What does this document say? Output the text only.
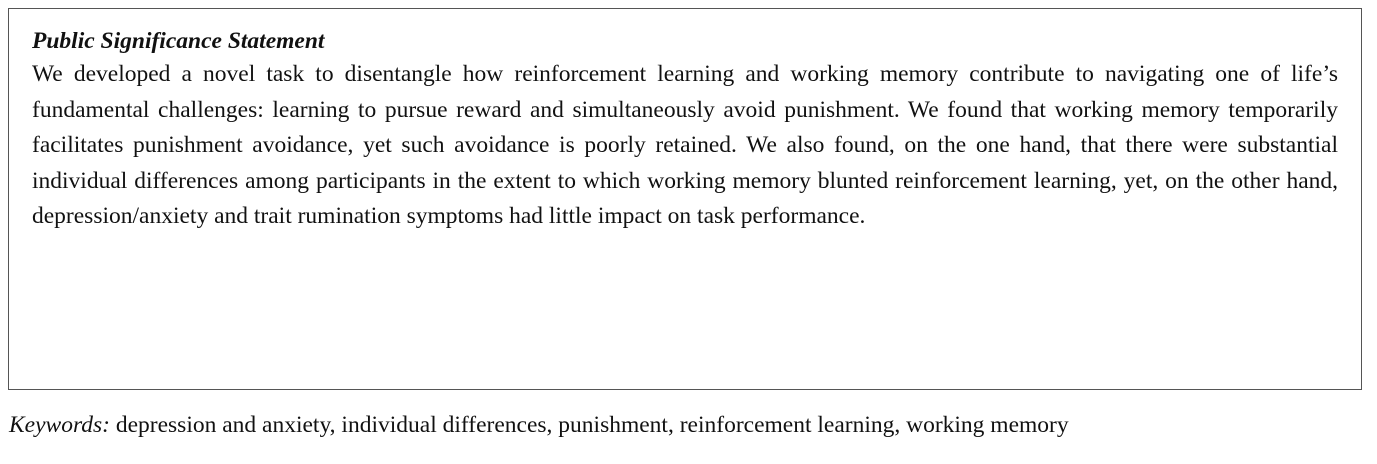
Public Significance Statement

We developed a novel task to disentangle how reinforcement learning and working memory contribute to navigating one of life’s fundamental challenges: learning to pursue reward and simultaneously avoid punishment. We found that working memory temporarily facilitates punishment avoidance, yet such avoidance is poorly retained. We also found, on the one hand, that there were substantial individual differences among participants in the extent to which working memory blunted reinforcement learning, yet, on the other hand, depression/anxiety and trait rumination symptoms had little impact on task performance.

Keywords: depression and anxiety, individual differences, punishment, reinforcement learning, working memory
